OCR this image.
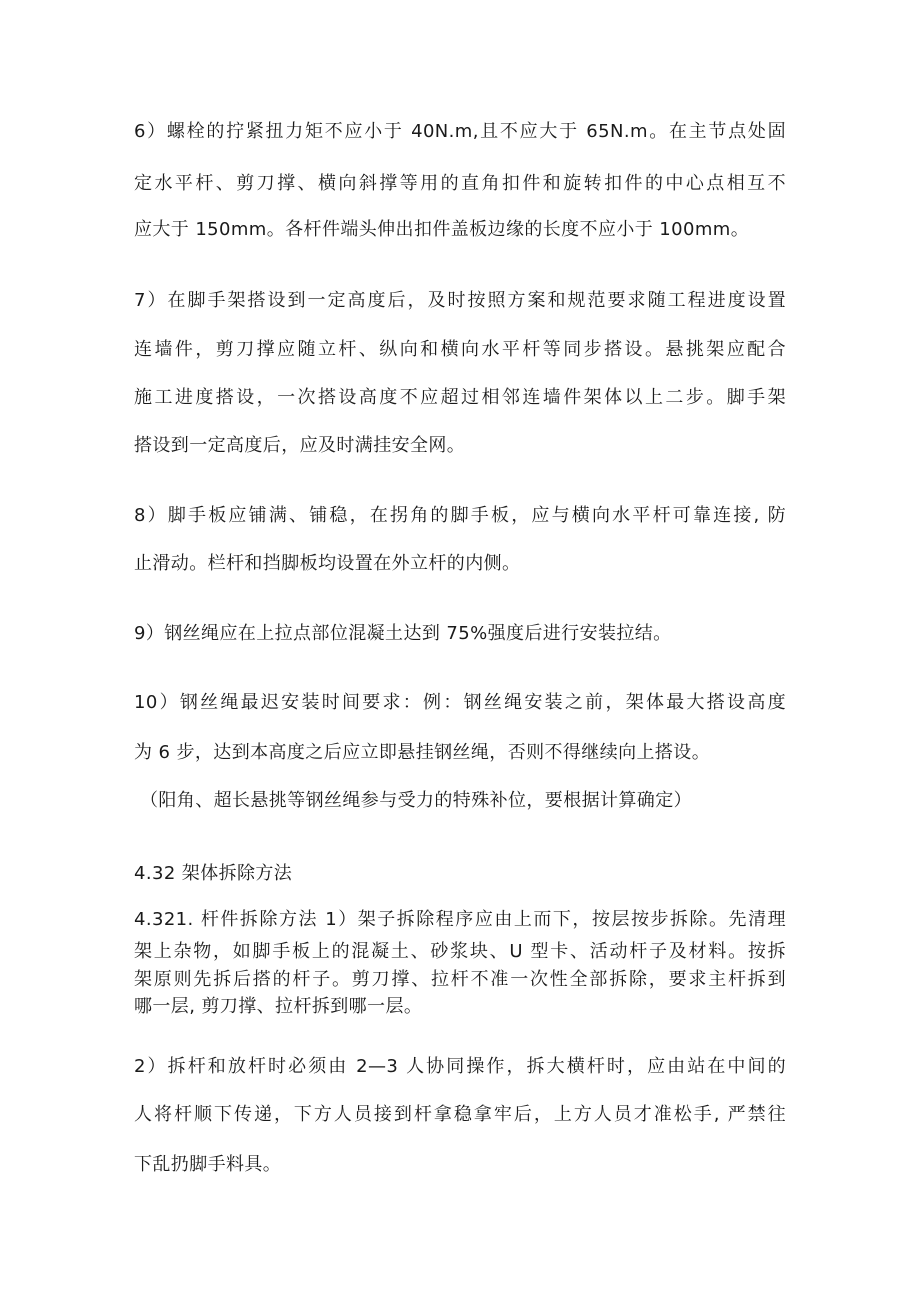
6）螺栓的拧紧扭力矩不应小于 40N.m,且不应大于 65N.m。在主节点处固
定水平杆、剪刀撑、横向斜撑等用的直角扣件和旋转扣件的中心点相互不
应大于 150mm。各杆件端头伸出扣件盖板边缘的长度不应小于 100mm。
7）在脚手架搭设到一定高度后，及时按照方案和规范要求随工程进度设置
连墙件，剪刀撑应随立杆、纵向和横向水平杆等同步搭设。悬挑架应配合
施工进度搭设，一次搭设高度不应超过相邻连墙件架体以上二步。脚手架
搭设到一定高度后，应及时满挂安全网。
8）脚手板应铺满、铺稳，在拐角的脚手板，应与横向水平杆可靠连接, 防
止滑动。栏杆和挡脚板均设置在外立杆的内侧。
9）钢丝绳应在上拉点部位混凝土达到 75%强度后进行安装拉结。
10）钢丝绳最迟安装时间要求：例：钢丝绳安装之前，架体最大搭设高度
为 6 步，达到本高度之后应立即悬挂钢丝绳，否则不得继续向上搭设。
（阳角、超长悬挑等钢丝绳参与受力的特殊补位，要根据计算确定）
4.32 架体拆除方法
4.321. 杆件拆除方法 1）架子拆除程序应由上而下，按层按步拆除。先清理
架上杂物，如脚手板上的混凝土、砂浆块、U 型卡、活动杆子及材料。按拆
架原则先拆后搭的杆子。剪刀撑、拉杆不准一次性全部拆除，要求主杆拆到
哪一层, 剪刀撑、拉杆拆到哪一层。
2）拆杆和放杆时必须由 2—3 人协同操作，拆大横杆时，应由站在中间的
人将杆顺下传递，下方人员接到杆拿稳拿牢后，上方人员才准松手, 严禁往
下乱扔脚手料具。
